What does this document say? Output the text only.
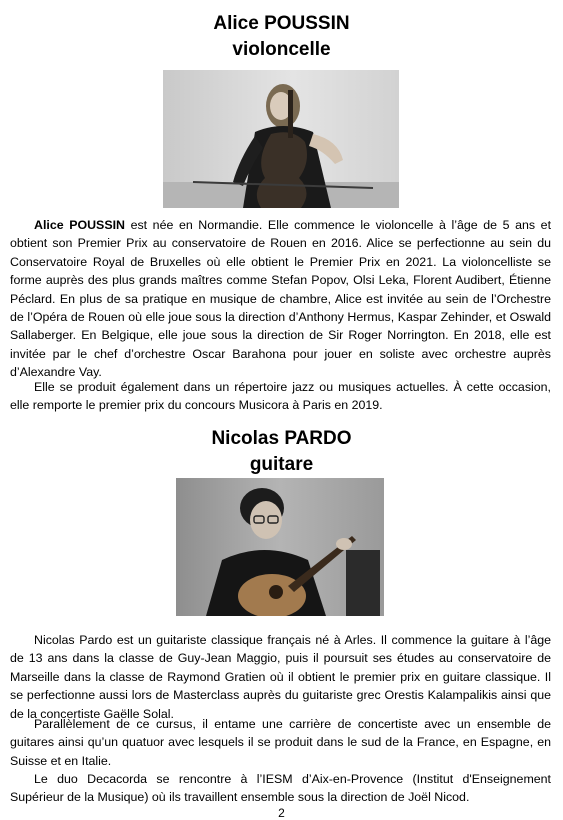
Alice POUSSIN
violoncelle

Alice POUSSIN est née en Normandie. Elle commence le violoncelle à l’âge de 5 ans et obtient son Premier Prix au conservatoire de Rouen en 2016. Alice se perfectionne au sein du Conservatoire Royal de Bruxelles où elle obtient le Premier Prix en 2021. La violoncelliste se forme auprès des plus grands maîtres comme Stefan Popov, Olsi Leka, Florent Audibert, Étienne Péclard. En plus de sa pratique en musique de chambre, Alice est invitée au sein de l’Orchestre de l’Opéra de Rouen où elle joue sous la direction d’Anthony Hermus, Kaspar Zehinder, et Oswald Sallaberger. En Belgique, elle joue sous la direction de Sir Roger Norrington. En 2018, elle est invitée par le chef d’orchestre Oscar Barahona pour jouer en soliste avec orchestre auprès d’Alexandre Vay.

Elle se produit également dans un répertoire jazz ou musiques actuelles. À cette occasion, elle remporte le premier prix du concours Musicora à Paris en 2019.

Nicolas PARDO
guitare

Nicolas Pardo est un guitariste classique français né à Arles. Il commence la guitare à l’âge de 13 ans dans la classe de Guy-Jean Maggio, puis il poursuit ses études au conservatoire de Marseille dans la classe de Raymond Gratien où il obtient le premier prix en guitare classique. Il se perfectionne aussi lors de Masterclass auprès du guitariste grec Orestis Kalampalikis ainsi que de la concertiste Gaëlle Solal.

Parallèlement de ce cursus, il entame une carrière de concertiste avec un ensemble de guitares ainsi qu’un quatuor avec lesquels il se produit dans le sud de la France, en Espagne, en Suisse et en Italie.

Le duo Decacorda se rencontre à l’IESM d’Aix-en-Provence (Institut d'Enseignement Supérieur de la Musique) où ils travaillent ensemble sous la direction de Joël Nicod.

2
